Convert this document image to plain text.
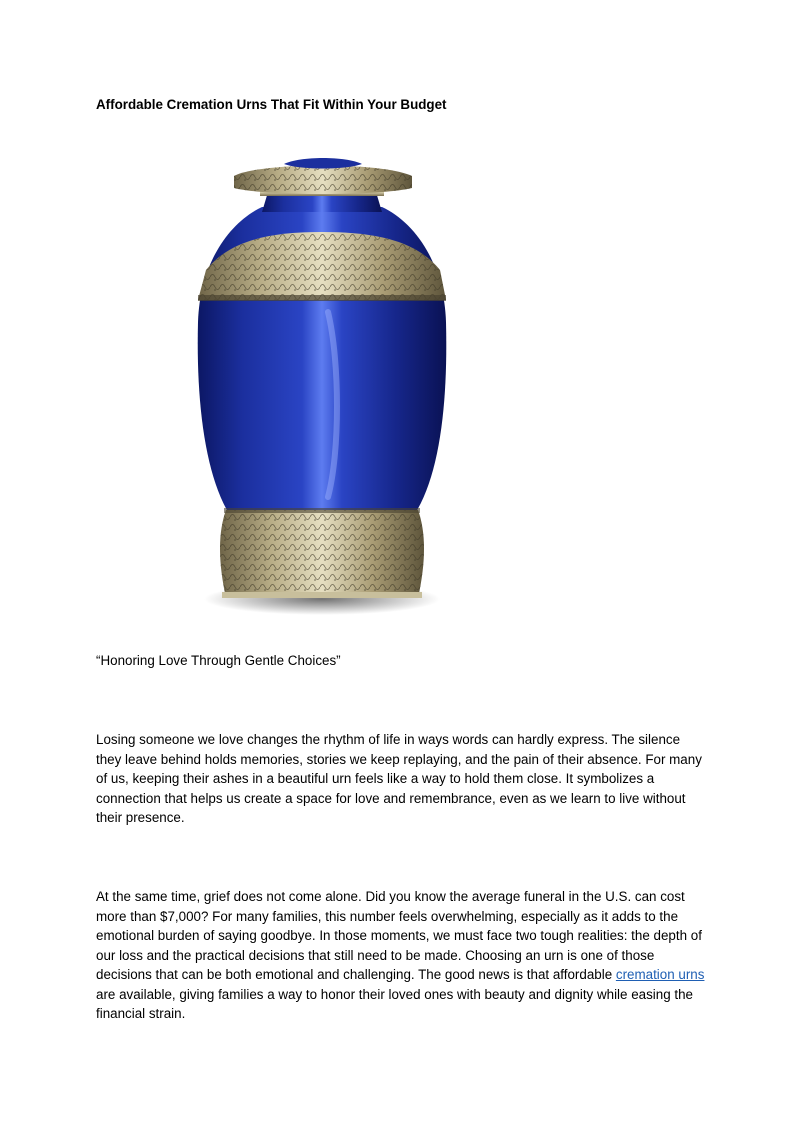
Affordable Cremation Urns That Fit Within Your Budget
“Honoring Love Through Gentle Choices”

Losing someone we love changes the rhythm of life in ways words can hardly express. The silence they leave behind holds memories, stories we keep replaying, and the pain of their absence. For many of us, keeping their ashes in a beautiful urn feels like a way to hold them close. It symbolizes a connection that helps us create a space for love and remembrance, even as we learn to live without their presence.

At the same time, grief does not come alone. Did you know the average funeral in the U.S. can cost more than $7,000? For many families, this number feels overwhelming, especially as it adds to the emotional burden of saying goodbye. In those moments, we must face two tough realities: the depth of our loss and the practical decisions that still need to be made. Choosing an urn is one of those decisions that can be both emotional and challenging. The good news is that affordable cremation urns are available, giving families a way to honor their loved ones with beauty and dignity while easing the financial strain.
